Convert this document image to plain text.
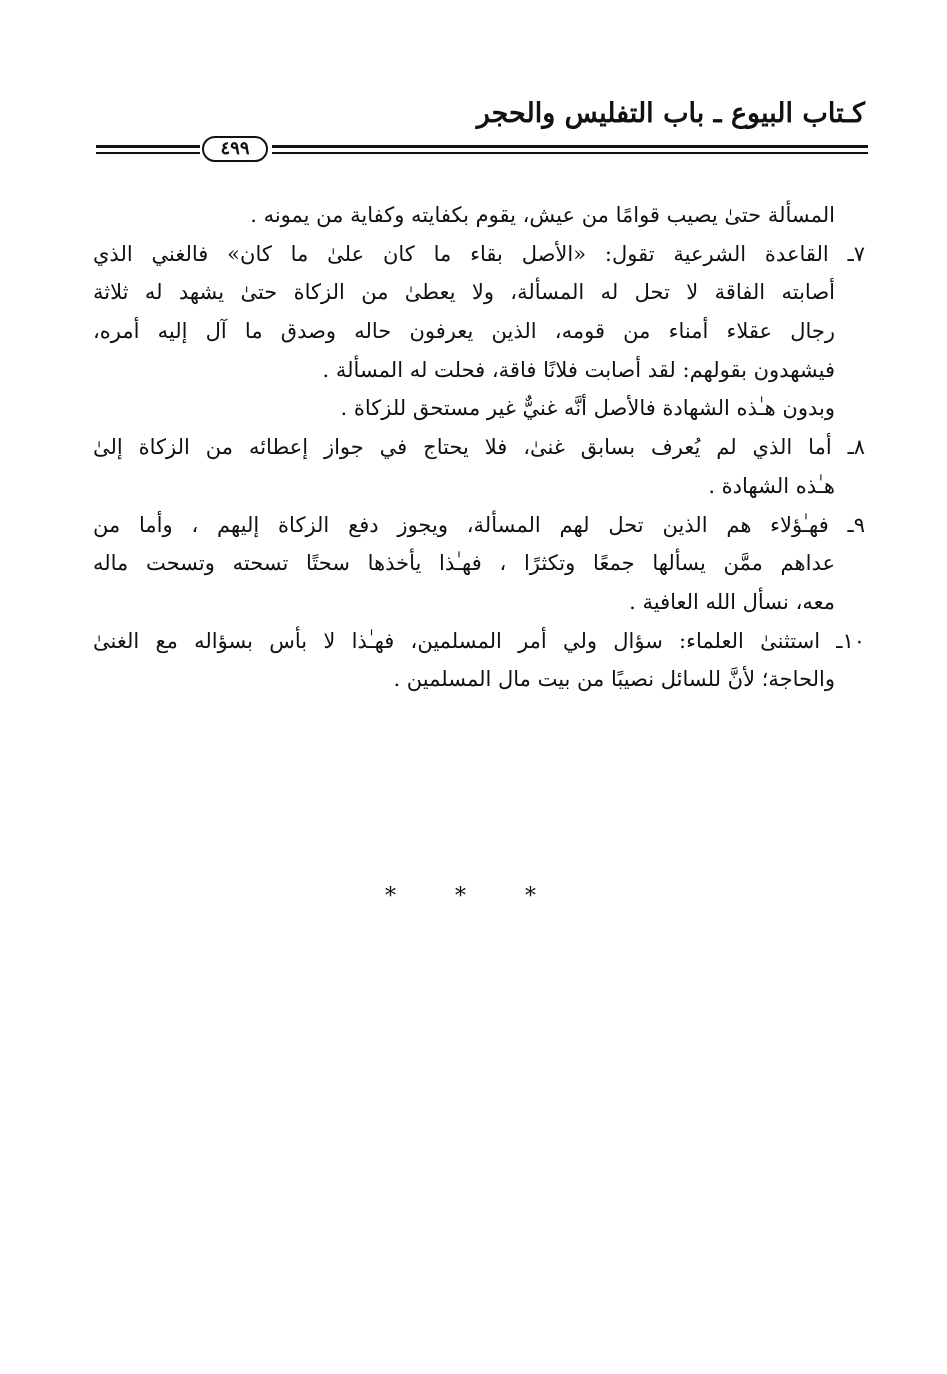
كـتاب البيوع ـ باب التفليس والحجر
٤٩٩
المسألة حتىٰ يصيب قوامًا من عيش، يقوم بكفايته وكفاية من يمونه .
٧ـ القاعدة الشرعية تقول: «الأصل بقاء ما كان علىٰ ما كان» فالغني الذي
أصابته الفاقة لا تحل له المسألة، ولا يعطىٰ من الزكاة حتىٰ يشهد له ثلاثة
رجال عقلاء أمناء من قومه، الذين يعرفون حاله وصدق ما آل إليه أمره،
فيشهدون بقولهم: لقد أصابت فلانًا فاقة، فحلت له المسألة .
وبدون هـٰذه الشهادة فالأصل أنَّه غنيٌّ غير مستحق للزكاة .
٨ـ أما الذي لم يُعرف بسابق غنىٰ، فلا يحتاج في جواز إعطائه من الزكاة إلىٰ
هـٰذه الشهادة .
٩ـ فهـٰؤلاء هم الذين تحل لهم المسألة، ويجوز دفع الزكاة إليهم ، وأما من
عداهم ممَّن يسألها جمعًا وتكثرًا ، فهـٰذا يأخذها سحتًا تسحته وتسحت ماله
معه، نسأل الله العافية .
١٠ـ استثنىٰ العلماء: سؤال ولي أمر المسلمين، فهـٰذا لا بأس بسؤاله مع الغنىٰ
والحاجة؛ لأنَّ للسائل نصيبًا من بيت مال المسلمين .
* * *
